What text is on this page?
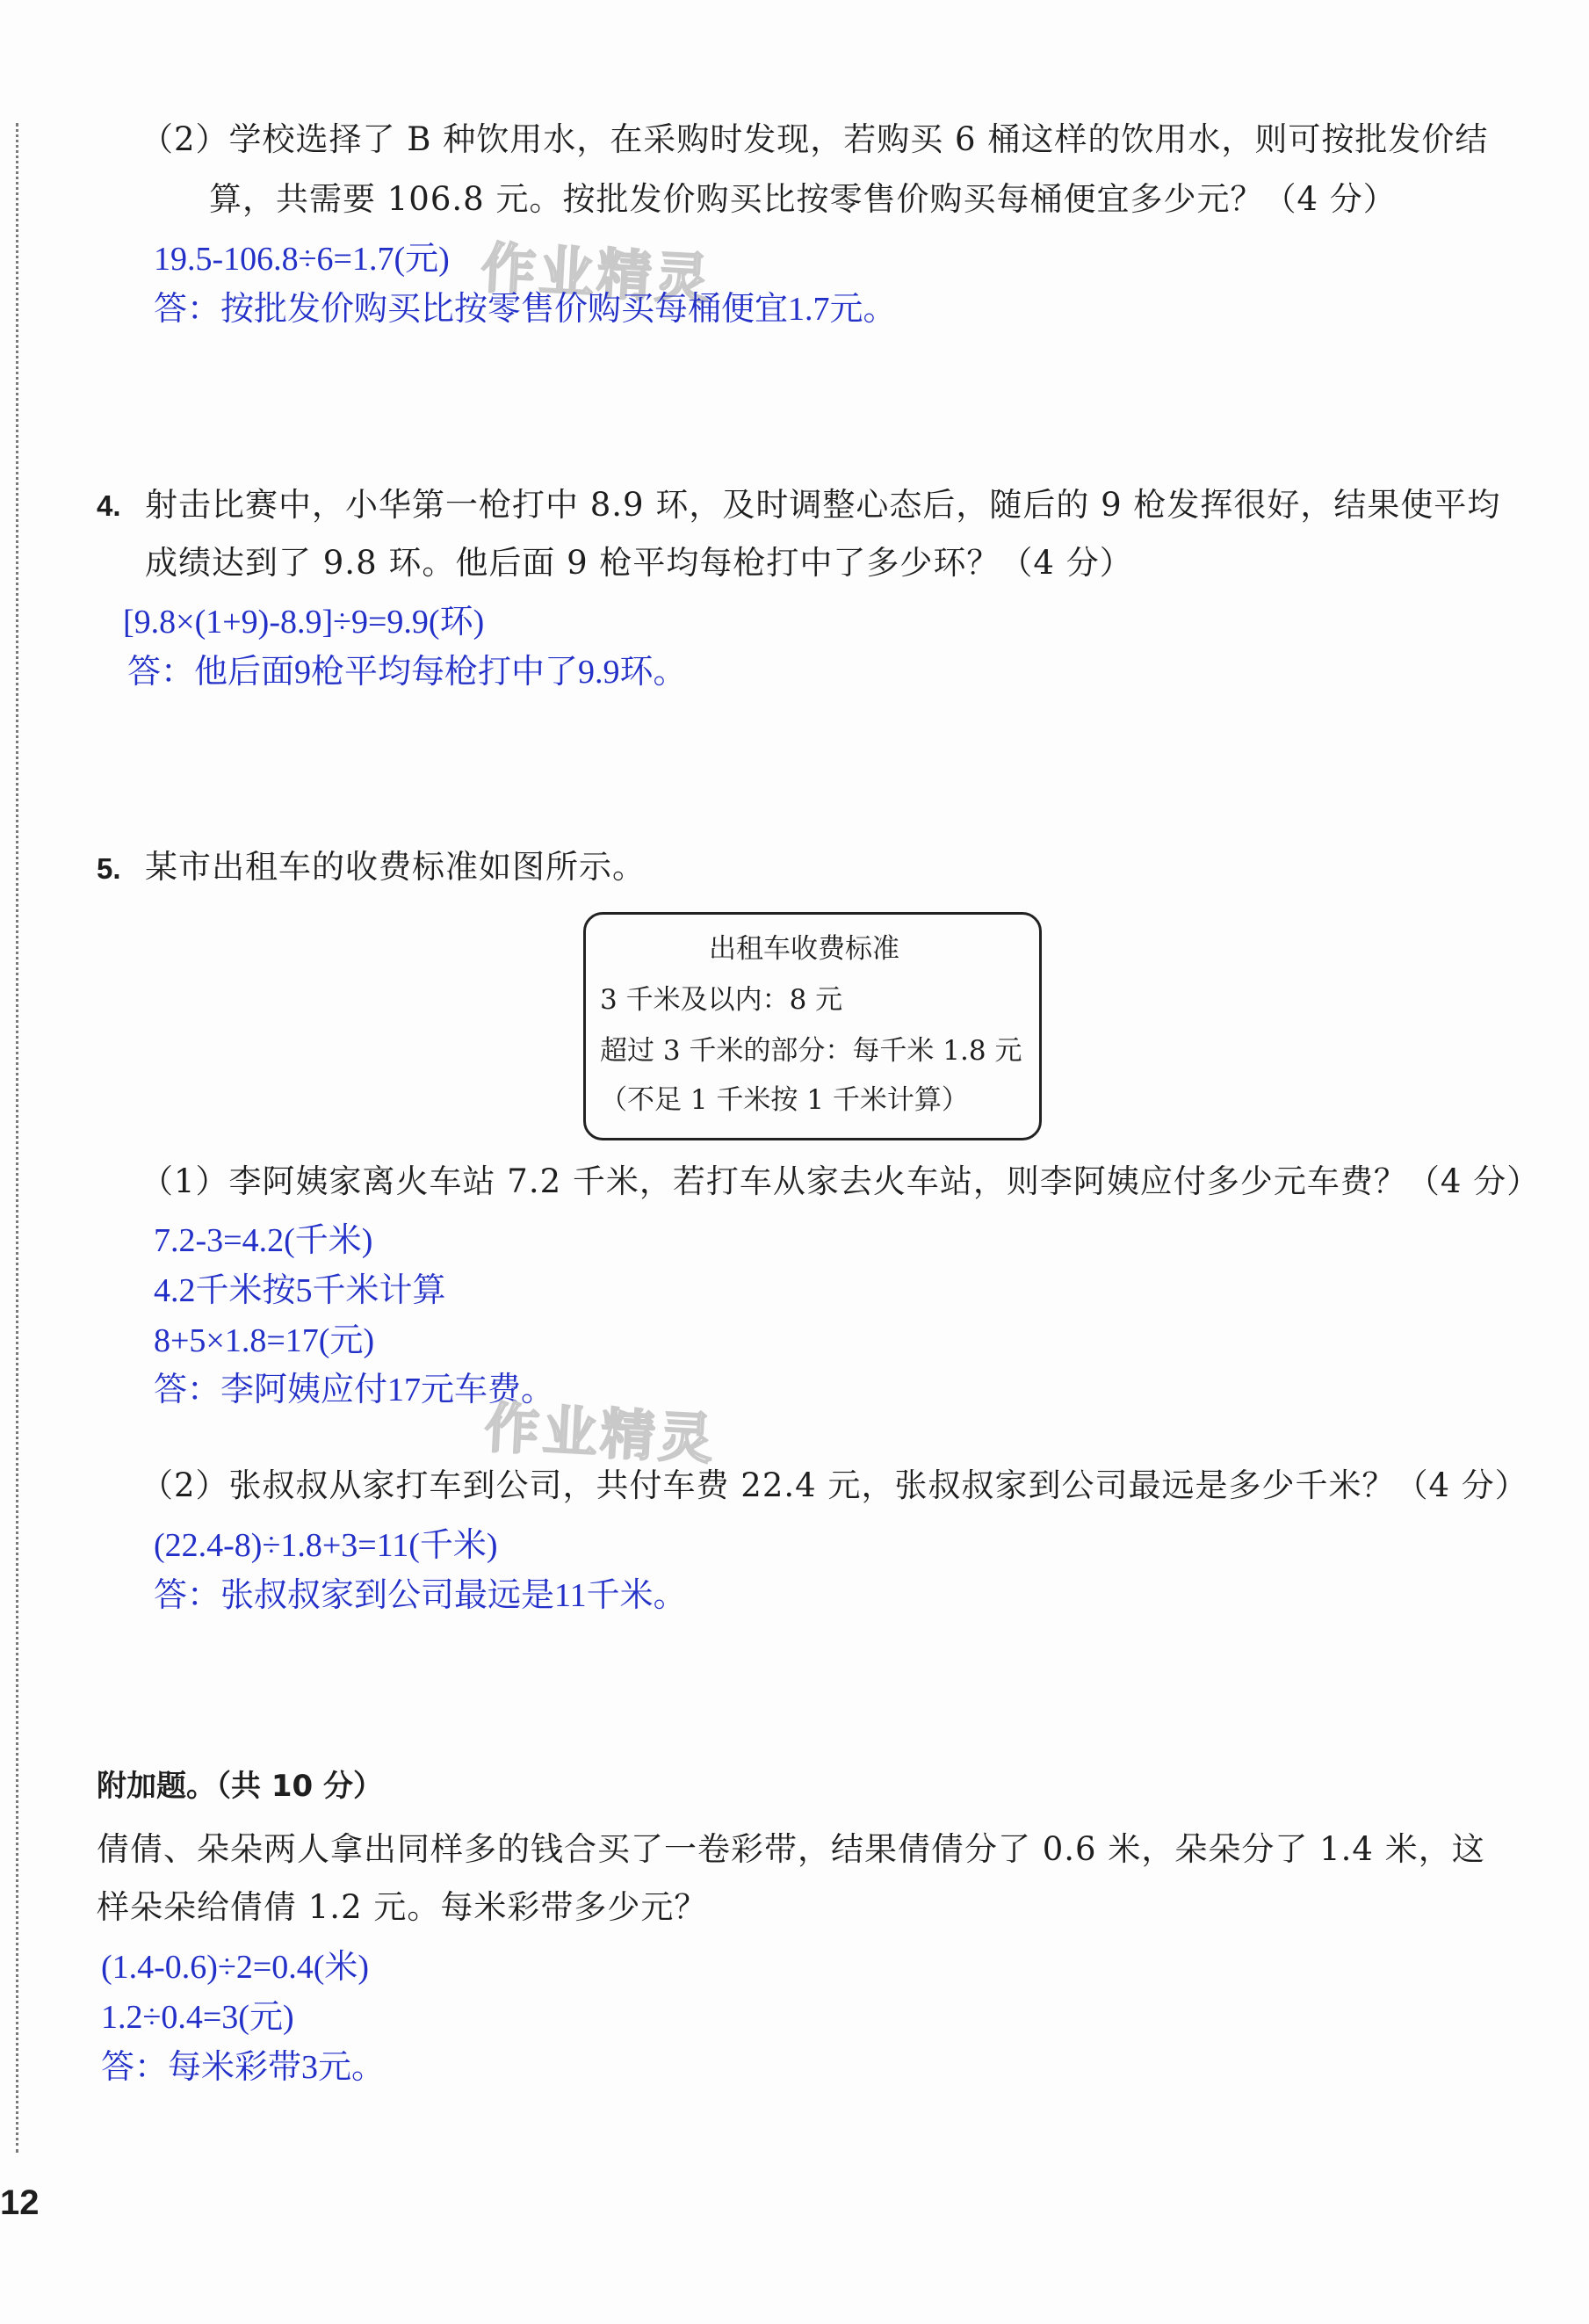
（2）学校选择了 B 种饮用水，在采购时发现，若购买 6 桶这样的饮用水，则可按批发价结
算，共需要 106.8 元。按批发价购买比按零售价购买每桶便宜多少元？（4 分）
19.5-106.8÷6=1.7(元) 作业精灵
答：按批发价购买比按零售价购买每桶便宜1.7元。
4. 射击比赛中，小华第一枪打中 8.9 环，及时调整心态后，随后的 9 枪发挥很好，结果使平均
成绩达到了 9.8 环。他后面 9 枪平均每枪打中了多少环？（4 分）
[9.8×(1+9)-8.9]÷9=9.9(环)
答：他后面9枪平均每枪打中了9.9环。
5. 某市出租车的收费标准如图所示。
出租车收费标准
3 千米及以内：8 元
超过 3 千米的部分：每千米 1.8 元
（不足 1 千米按 1 千米计算）
（1）李阿姨家离火车站 7.2 千米，若打车从家去火车站，则李阿姨应付多少元车费？（4 分）
7.2-3=4.2(千米)
4.2千米按5千米计算
8+5×1.8=17(元)
答：李阿姨应付17元车费。
作业精灵
（2）张叔叔从家打车到公司，共付车费 22.4 元，张叔叔家到公司最远是多少千米？（4 分）
(22.4-8)÷1.8+3=11(千米)
答：张叔叔家到公司最远是11千米。
附加题。（共 10 分）
倩倩、朵朵两人拿出同样多的钱合买了一卷彩带，结果倩倩分了 0.6 米，朵朵分了 1.4 米，这
样朵朵给倩倩 1.2 元。每米彩带多少元？
(1.4-0.6)÷2=0.4(米)
1.2÷0.4=3(元)
答：每米彩带3元。
12
